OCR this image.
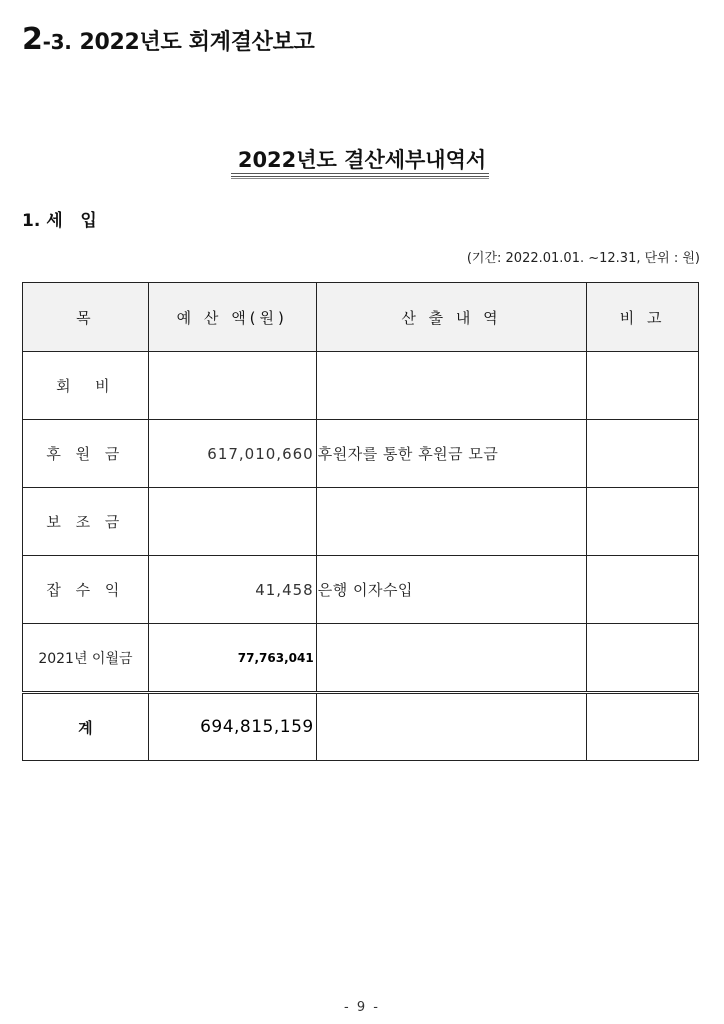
2-3. 2022년도 회계결산보고
2022년도 결산세부내역서
1. 세   입
(기간: 2022.01.01. ~12.31, 단위 : 원)
목	예 산 액(원)	산 출 내 역	비 고
회  비			
후 원 금	617,010,660	후원자를 통한 후원금 모금	
보 조 금			
잡 수 익	41,458	은행 이자수입	
2021년 이월금	77,763,041		
계	694,815,159		
- 9 -
